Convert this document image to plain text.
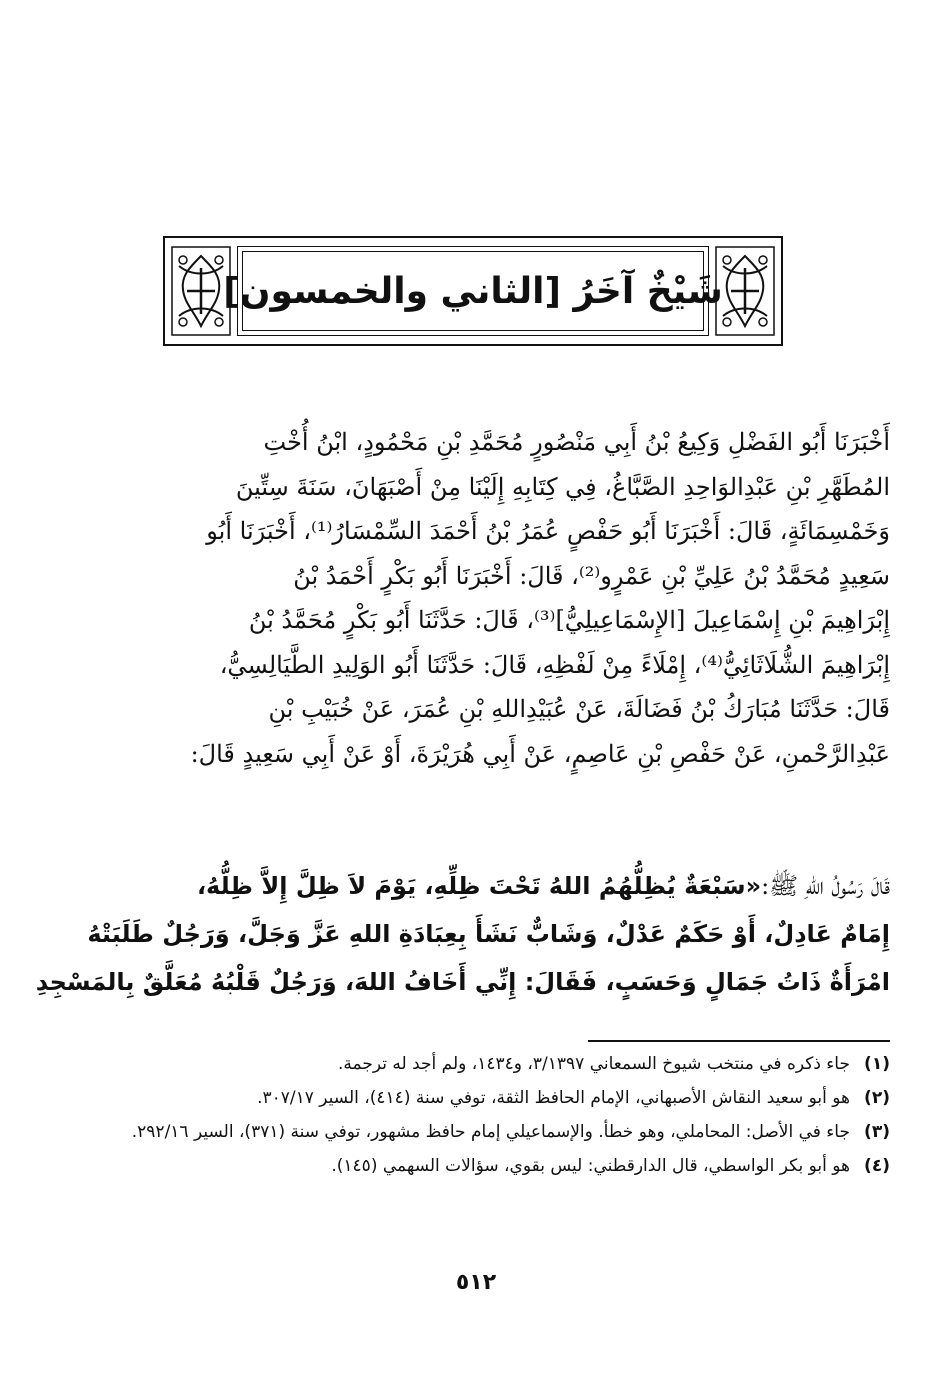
شَيْخٌ آخَرُ [الثاني والخمسون]
أَخْبَرَنَا أَبُو الفَضْلِ وَكِيعُ بْنُ أَبِي مَنْصُورٍ مُحَمَّدِ بْنِ مَحْمُودٍ، ابْنُ أُخْتِ
المُطَهَّرِ بْنِ عَبْدِالوَاحِدِ الصَّبَّاغُ، فِي كِتَابِهِ إِلَيْنَا مِنْ أَصْبَهَانَ، سَنَةَ سِتِّينَ
وَخَمْسِمَائَةٍ، قَالَ: أَخْبَرَنَا أَبُو حَفْصٍ عُمَرُ بْنُ أَحْمَدَ السِّمْسَارُ⁽¹⁾، أَخْبَرَنَا أَبُو
سَعِيدٍ مُحَمَّدُ بْنُ عَلِيِّ بْنِ عَمْرٍو⁽²⁾، قَالَ: أَخْبَرَنَا أَبُو بَكْرٍ أَحْمَدُ بْنُ
إِبْرَاهِيمَ بْنِ إِسْمَاعِيلَ [الإِسْمَاعِيلِيُّ]⁽³⁾، قَالَ: حَدَّثَنَا أَبُو بَكْرٍ مُحَمَّدُ بْنُ
إِبْرَاهِيمَ الشُّلَاثَائِيُّ⁽⁴⁾، إِمْلَاءً مِنْ لَفْظِهِ، قَالَ: حَدَّثَنَا أَبُو الوَلِيدِ الطَّيَالِسِيُّ،
قَالَ: حَدَّثَنَا مُبَارَكُ بْنُ فَضَالَةَ، عَنْ عُبَيْدِاللهِ بْنِ عُمَرَ، عَنْ خُبَيْبِ بْنِ
عَبْدِالرَّحْمنِ، عَنْ حَفْصِ بْنِ عَاصِمٍ، عَنْ أَبِي هُرَيْرَةَ، أَوْ عَنْ أَبِي سَعِيدٍ قَالَ:
قَالَ رَسُولُ اللهِ ﷺ:«سَبْعَةٌ يُظِلُّهُمُ اللهُ تَحْتَ ظِلِّهِ، يَوْمَ لاَ ظِلَّ إِلاَّ ظِلُّهُ،
إِمَامٌ عَادِلٌ، أَوْ حَكَمٌ عَدْلٌ، وَشَابٌّ نَشَأَ بِعِبَادَةِ اللهِ عَزَّ وَجَلَّ، وَرَجُلٌ طَلَبَتْهُ
امْرَأَةٌ ذَاتُ جَمَالٍ وَحَسَبٍ، فَقَالَ: إِنِّي أَخَافُ اللهَ، وَرَجُلٌ قَلْبُهُ مُعَلَّقٌ بِالمَسْجِدِ
(١)
جاء ذكره في منتخب شيوخ السمعاني ٣/١٣٩٧، و١٤٣٤، ولم أجد له ترجمة.
(٢)
هو أبو سعيد النقاش الأصبهاني، الإمام الحافظ الثقة، توفي سنة (٤١٤)، السير ٣٠٧/١٧.
(٣)
جاء في الأصل: المحاملي، وهو خطأ. والإسماعيلي إمام حافظ مشهور، توفي سنة (٣٧١)، السير ٢٩٢/١٦.
(٤)
هو أبو بكر الواسطي، قال الدارقطني: ليس بقوي، سؤالات السهمي (١٤٥).
٥١٢
